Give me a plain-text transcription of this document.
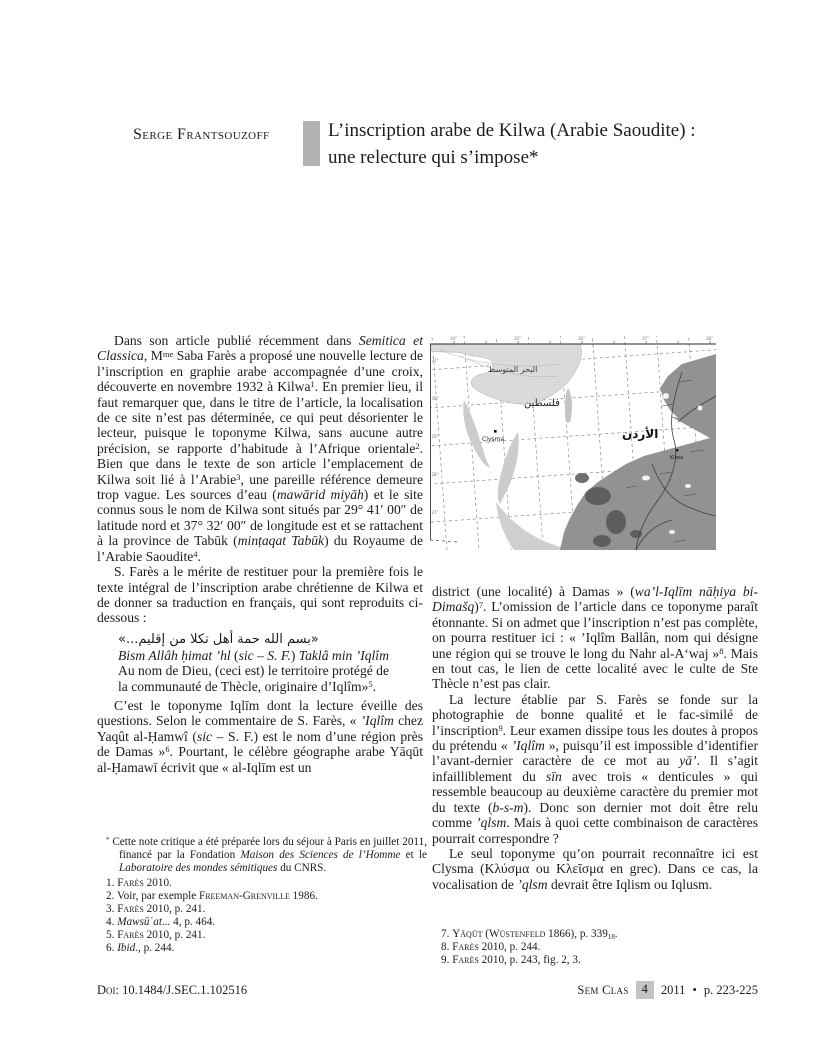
Serge Frantsouzoff	L’inscription arabe de Kilwa (Arabie Saoudite) :
une relecture qui s’impose*

Dans son article publié récemment dans Semitica et Classica, $M^{me}$ Saba Farès a proposé une nouvelle lecture de l’inscription en graphie arabe accompagnée d’une croix, découverte en novembre 1932 à Kilwa$^1$. En premier lieu, il faut remarquer que, dans le titre de l’article, la localisation de ce site n’est pas déterminée, ce qui peut désorienter le lecteur, puisque le toponyme Kilwa, sans aucune autre précision, se rapporte d’habitude à l’Afrique orientale$^2$. Bien que dans le texte de son article l’emplacement de Kilwa soit lié à l’Arabie$^3$, une pareille référence demeure trop vague. Les sources d’eau (mawārid miyāh) et le site connus sous le nom de Kilwa sont situés par 29° 41′ 00″ de latitude nord et 37° 32′ 00″ de longitude est et se rattachent à la province de Tabūk (minṭaqat Tabūk) du Royaume de l’Arabie Saoudite$^4$.

S. Farès a le mérite de restituer pour la première fois le texte intégral de l’inscription arabe chrétienne de Kilwa et de donner sa traduction en français, qui sont reproduits ci-dessous :

«بسم الله حمة أهل تكلا من إقليم...»

Bism Allâh ḥimat ’hl (sic – S. F.) Taklâ min ’Iqlîm

Au nom de Dieu, (ceci est) le territoire protégé de

la communauté de Thècle, originaire d’Iqlîm»$^5$.

C’est le toponyme Iqlīm dont la lecture éveille des questions. Selon le commentaire de S. Farès, « ’Iqlîm chez Yaqût al-Ḥamwî (sic – S. F.) est le nom d’une région près de Damas »$^6$. Pourtant, le célèbre géographe arabe Yāqūt al-Ḥamawī écrivit que « al-Iqlīm est un

34°	35°	36°	37°	38°
31°
30°
29°
28°
27°
البحر المتوسط
فلسطين
الأردن
Clysma
Kilwa

district (une localité) à Damas » (wa’l-Iqlīm nāḥiya bi-Dimašq)$^7$. L’omission de l’article dans ce toponyme paraît étonnante. Si on admet que l’inscription n’est pas complète, on pourra restituer ici : « ’Iqlîm Ballân, nom qui désigne une région qui se trouve le long du Nahr al-A‘waj »$^8$. Mais en tout cas, le lien de cette localité avec le culte de Ste Thècle n’est pas clair.

La lecture établie par S. Farès se fonde sur la photographie de bonne qualité et le fac-similé de l’inscription$^9$. Leur examen dissipe tous les doutes à propos du prétendu « ’Iqlîm », puisqu’il est impossible d’identifier l’avant-dernier caractère de ce mot au yā’. Il s’agit infailliblement du sīn avec trois « denticules » qui ressemble beaucoup au deuxième caractère du premier mot du texte (b-s-m). Donc son dernier mot doit être relu comme ’qlsm. Mais à quoi cette combinaison de caractères pourrait correspondre ?

Le seul toponyme qu’on pourrait reconnaître ici est Clysma (Κλύσμα ou Κλεῖσμα en grec). Dans ce cas, la vocalisation de ’qlsm devrait être Iqlism ou Iqlusm.

* Cette note critique a été préparée lors du séjour à Paris en juillet 2011, financé par la Fondation Maison des Sciences de l’Homme et le Laboratoire des mondes sémitiques du CNRS.

1. Farès 2010.

2. Voir, par exemple Freeman-Grenville 1986.

3. Farès 2010, p. 241.

4. Mawsūʿat... 4, p. 464.

5. Farès 2010, p. 241.

6. Ibid., p. 244.

7. Yāqūt (Wüstenfeld 1866), p. $339_{18}$.

8. Farès 2010, p. 244.

9. Farès 2010, p. 243, fig. 2, 3.

Doi: 10.1484/J.SEC.1.102516	Sem Clas	4	2011 • p. 223-225
